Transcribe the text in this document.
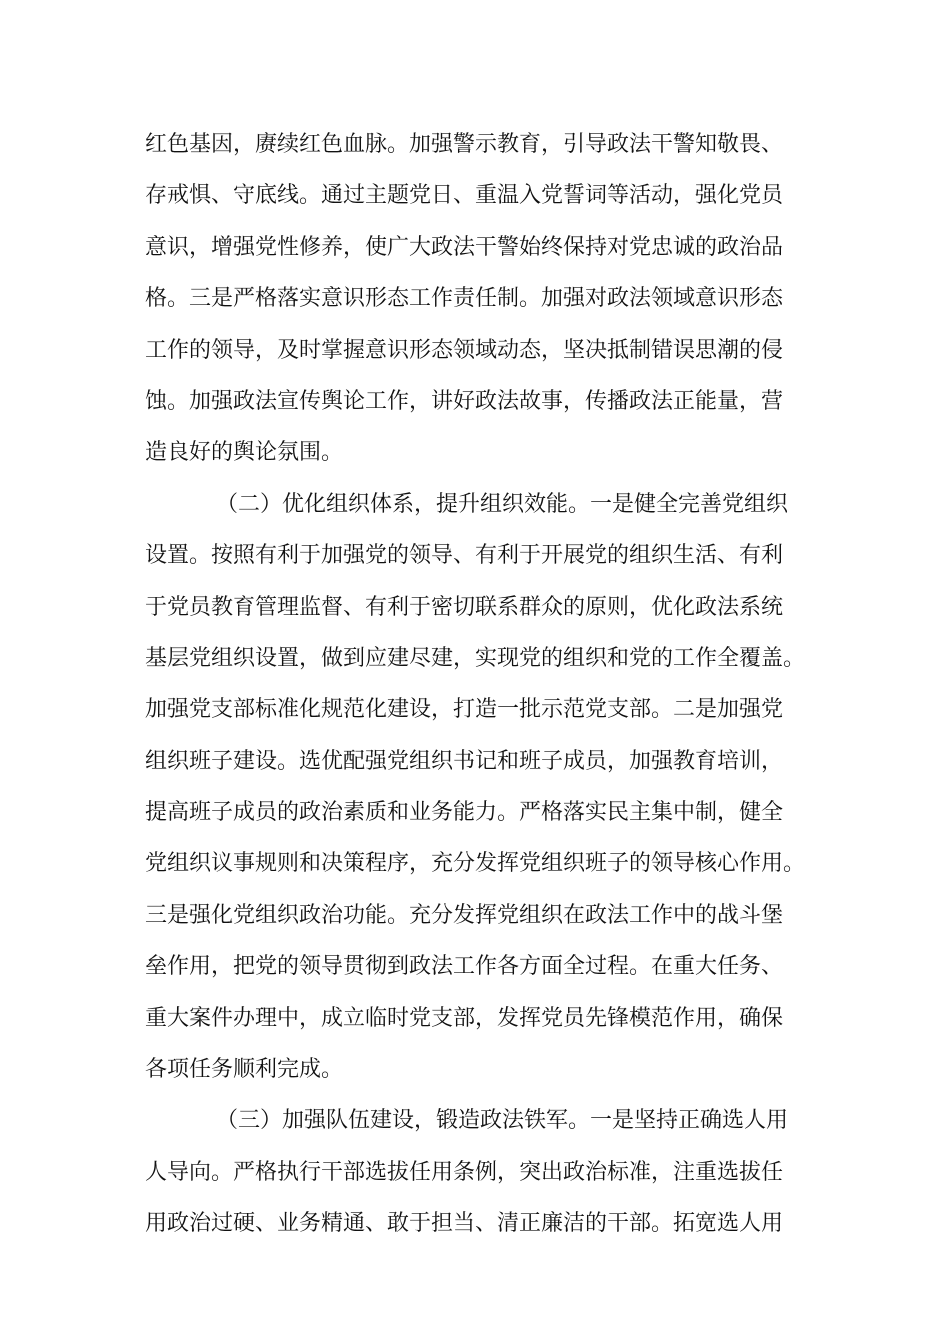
红色基因，赓续红色血脉。加强警示教育，引导政法干警知敬畏、
存戒惧、守底线。通过主题党日、重温入党誓词等活动，强化党员
意识，增强党性修养，使广大政法干警始终保持对党忠诚的政治品
格。三是严格落实意识形态工作责任制。加强对政法领域意识形态
工作的领导，及时掌握意识形态领域动态，坚决抵制错误思潮的侵
蚀。加强政法宣传舆论工作，讲好政法故事，传播政法正能量，营
造良好的舆论氛围。
（二）优化组织体系，提升组织效能。一是健全完善党组织
设置。按照有利于加强党的领导、有利于开展党的组织生活、有利
于党员教育管理监督、有利于密切联系群众的原则，优化政法系统
基层党组织设置，做到应建尽建，实现党的组织和党的工作全覆盖。
加强党支部标准化规范化建设，打造一批示范党支部。二是加强党
组织班子建设。选优配强党组织书记和班子成员，加强教育培训，
提高班子成员的政治素质和业务能力。严格落实民主集中制，健全
党组织议事规则和决策程序，充分发挥党组织班子的领导核心作用。
三是强化党组织政治功能。充分发挥党组织在政法工作中的战斗堡
垒作用，把党的领导贯彻到政法工作各方面全过程。在重大任务、
重大案件办理中，成立临时党支部，发挥党员先锋模范作用，确保
各项任务顺利完成。
（三）加强队伍建设，锻造政法铁军。一是坚持正确选人用
人导向。严格执行干部选拔任用条例，突出政治标准，注重选拔任
用政治过硬、业务精通、敢于担当、清正廉洁的干部。拓宽选人用
